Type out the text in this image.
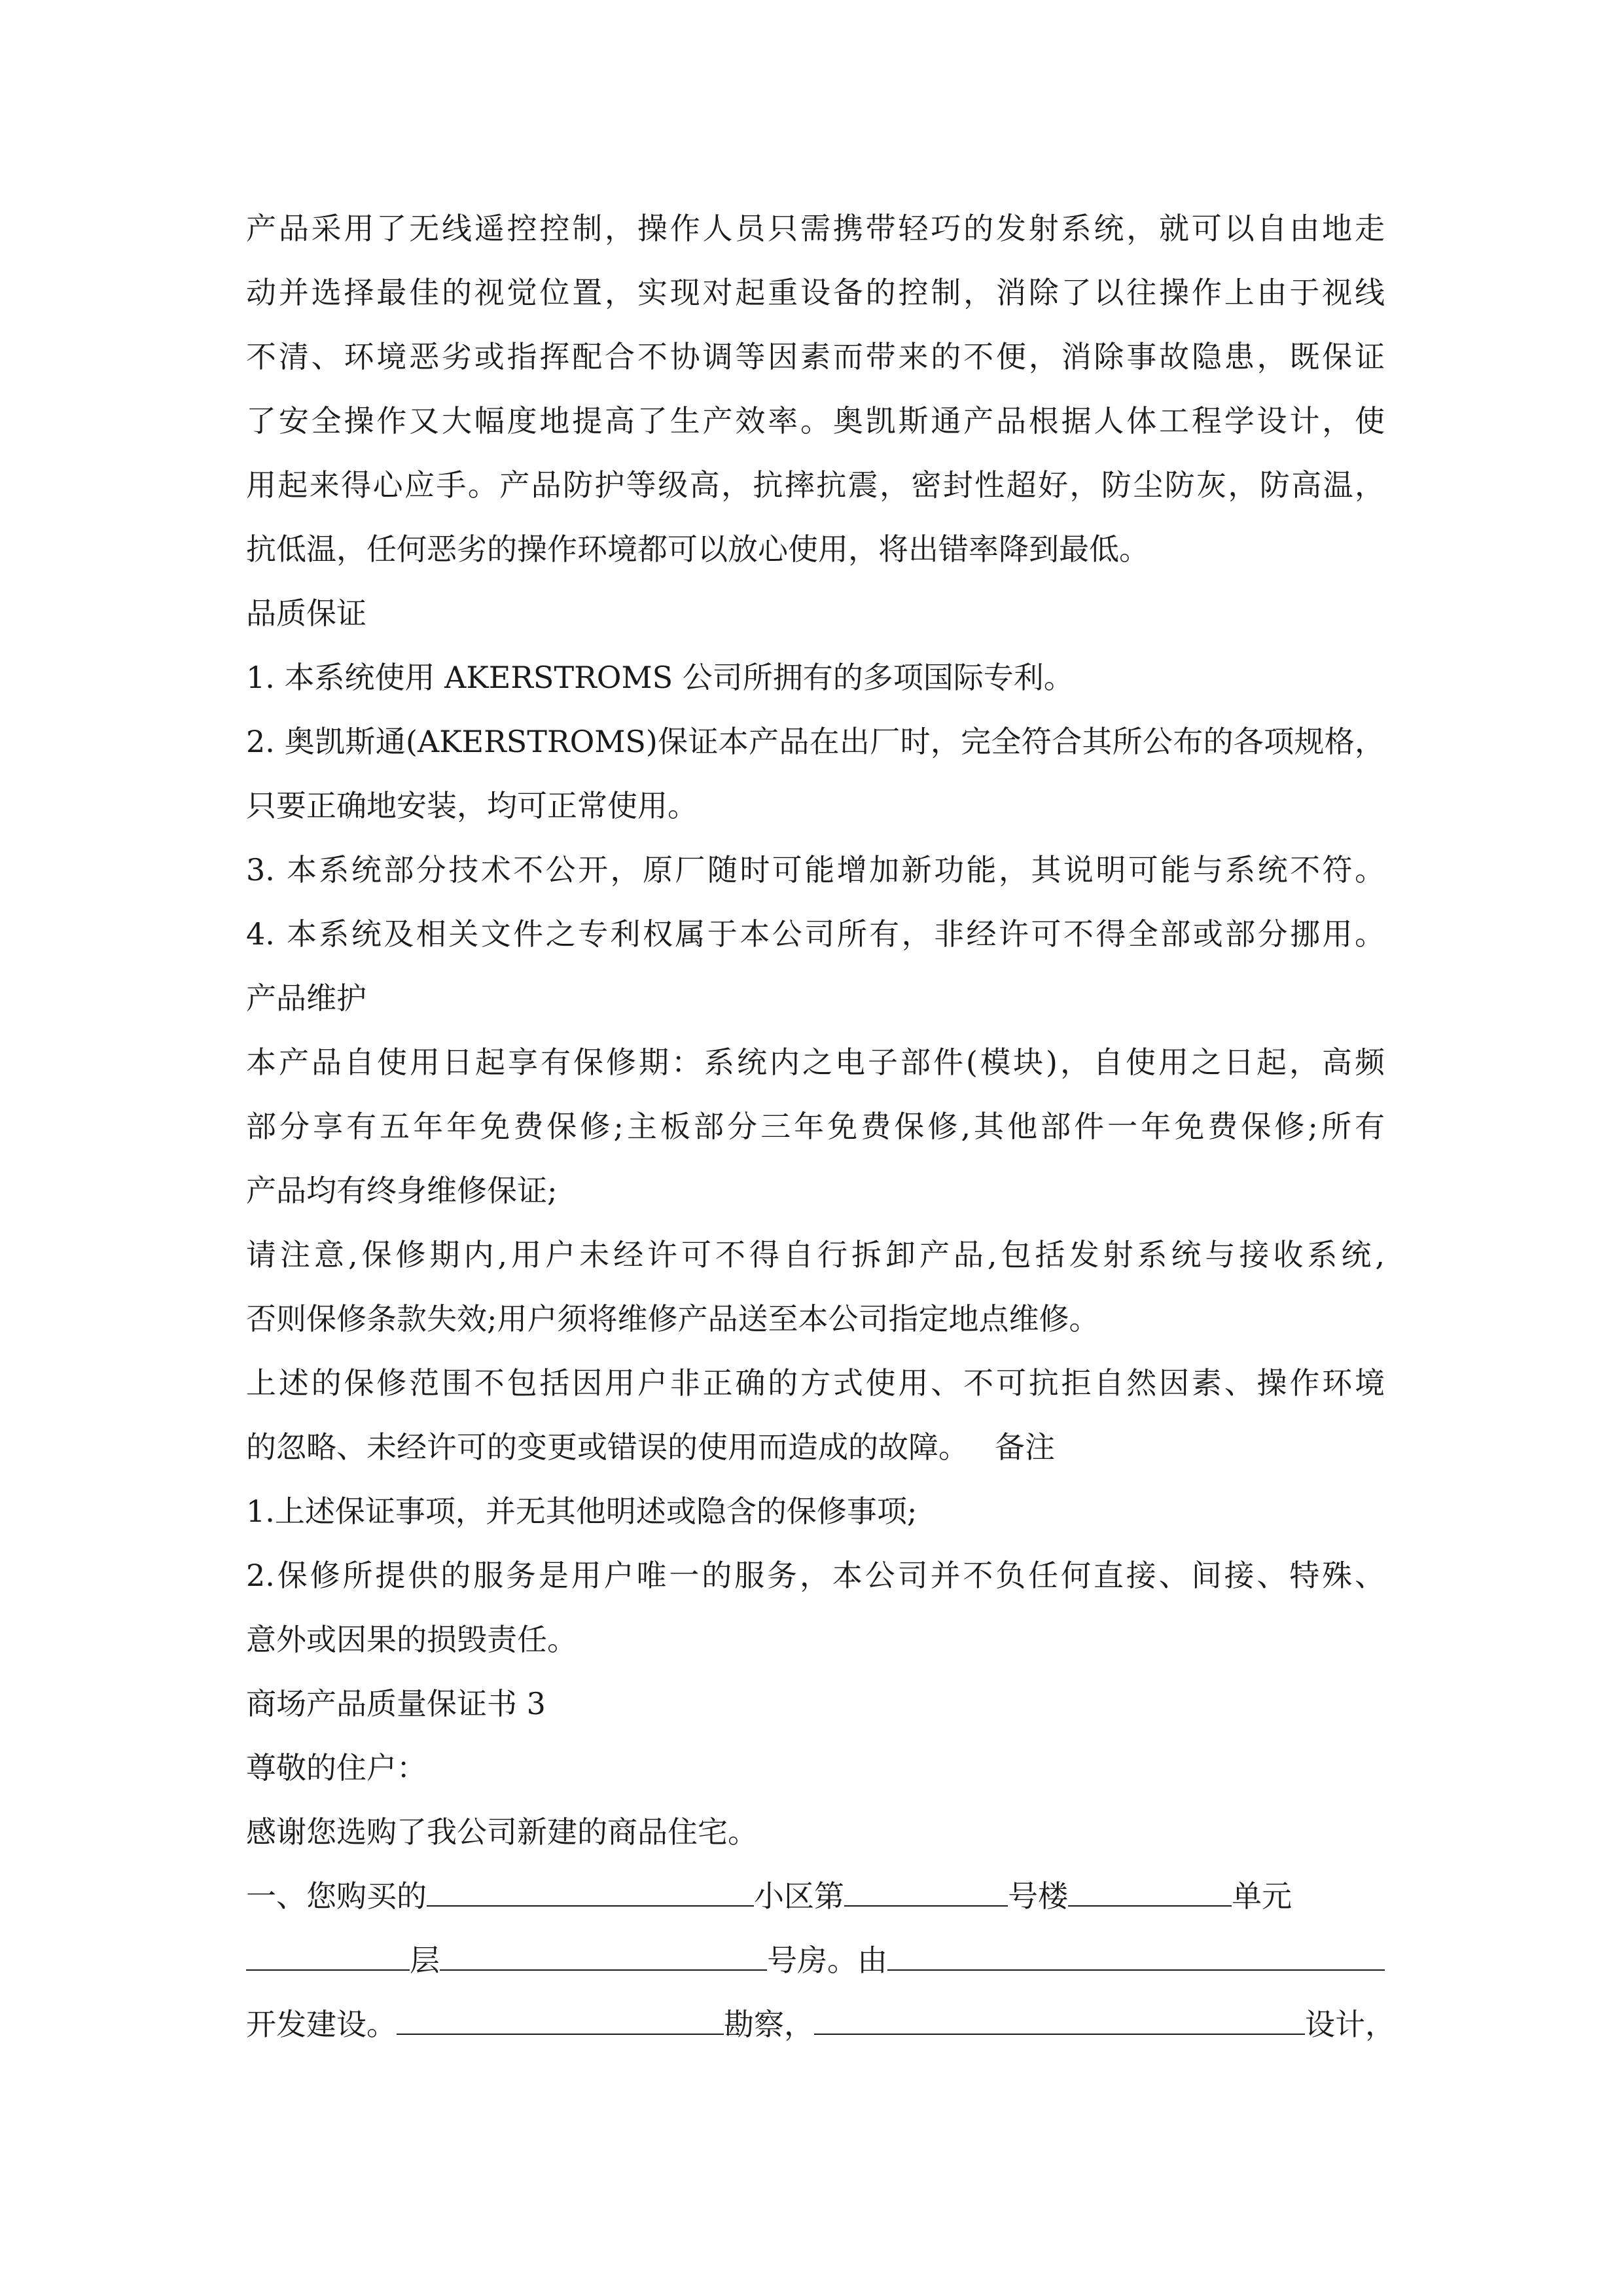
产品采用了无线遥控控制，操作人员只需携带轻巧的发射系统，就可以自由地走
动并选择最佳的视觉位置，实现对起重设备的控制，消除了以往操作上由于视线
不清、环境恶劣或指挥配合不协调等因素而带来的不便，消除事故隐患，既保证
了安全操作又大幅度地提高了生产效率。奥凯斯通产品根据人体工程学设计，使
用起来得心应手。产品防护等级高，抗摔抗震，密封性超好，防尘防灰，防高温，
抗低温，任何恶劣的操作环境都可以放心使用，将出错率降到最低。
品质保证
1. 本系统使用 AKERSTROMS 公司所拥有的多项国际专利。
2. 奥凯斯通(AKERSTROMS)保证本产品在出厂时，完全符合其所公布的各项规格，
只要正确地安装，均可正常使用。
3. 本系统部分技术不公开，原厂随时可能增加新功能，其说明可能与系统不符。
4. 本系统及相关文件之专利权属于本公司所有，非经许可不得全部或部分挪用。
产品维护
本产品自使用日起享有保修期：系统内之电子部件(模块)，自使用之日起，高频
部分享有五年年免费保修;主板部分三年免费保修,其他部件一年免费保修;所有
产品均有终身维修保证;
请注意,保修期内,用户未经许可不得自行拆卸产品,包括发射系统与接收系统,
否则保修条款失效;用户须将维修产品送至本公司指定地点维修。
上述的保修范围不包括因用户非正确的方式使用、不可抗拒自然因素、操作环境
的忽略、未经许可的变更或错误的使用而造成的故障。 备注
1.上述保证事项，并无其他明述或隐含的保修事项;
2.保修所提供的服务是用户唯一的服务，本公司并不负任何直接、间接、特殊、
意外或因果的损毁责任。
商场产品质量保证书 3
尊敬的住户：
感谢您选购了我公司新建的商品住宅。
一、您购买的	小区第	号楼	单元
层	号房。由
开发建设。	勘察，	设计，
